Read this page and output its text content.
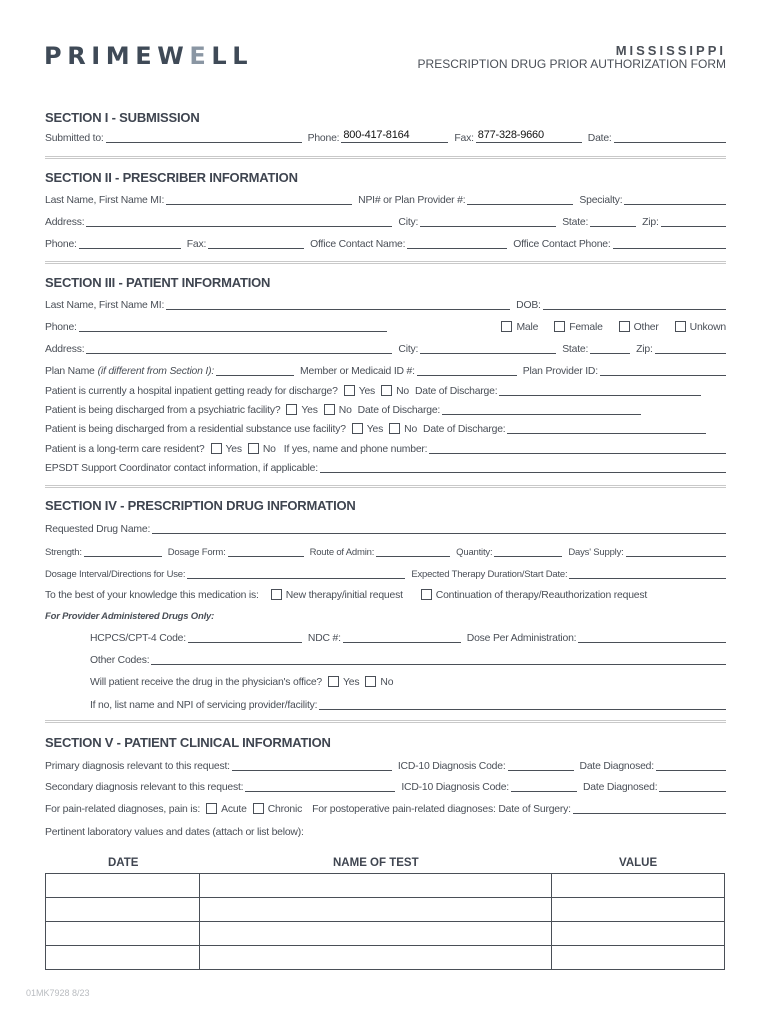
PRIMEWELL	MISSISSIPPI
PRESCRIPTION DRUG PRIOR AUTHORIZATION FORM
SECTION I - SUBMISSION
Submitted to:	Phone: 800-417-8164	Fax: 877-328-9660	Date:
SECTION II - PRESCRIBER INFORMATION
Last Name, First Name MI:	NPI# or Plan Provider #:	Specialty:
Address:	City:	State:	Zip:
Phone:	Fax:	Office Contact Name:	Office Contact Phone:
SECTION III - PATIENT INFORMATION
Last Name, First Name MI:	DOB:
Phone:	Male	Female	Other	Unkown
Address:	City:	State:	Zip:
Plan Name (if different from Section I):	Member or Medicaid ID #:	Plan Provider ID:
Patient is currently a hospital inpatient getting ready for discharge? Yes No Date of Discharge:
Patient is being discharged from a psychiatric facility? Yes No Date of Discharge:
Patient is being discharged from a residential substance use facility? Yes No Date of Discharge:
Patient is a long-term care resident? Yes No If yes, name and phone number:
EPSDT Support Coordinator contact information, if applicable:
SECTION IV - PRESCRIPTION DRUG INFORMATION
Requested Drug Name:
Strength:	Dosage Form:	Route of Admin:	Quantity:	Days' Supply:
Dosage Interval/Directions for Use:	Expected Therapy Duration/Start Date:
To the best of your knowledge this medication is:	New therapy/initial request	Continuation of therapy/Reauthorization request
For Provider Administered Drugs Only:
HCPCS/CPT-4 Code:	NDC #:	Dose Per Administration:
Other Codes:
Will patient receive the drug in the physician's office? Yes No
If no, list name and NPI of servicing provider/facility:
SECTION V - PATIENT CLINICAL INFORMATION
Primary diagnosis relevant to this request:	ICD-10 Diagnosis Code:	Date Diagnosed:
Secondary diagnosis relevant to this request:	ICD-10 Diagnosis Code:	Date Diagnosed:
For pain-related diagnoses, pain is: Acute Chronic For postoperative pain-related diagnoses: Date of Surgery:
Pertinent laboratory values and dates (attach or list below):
DATE	NAME OF TEST	VALUE

01MK7928 8/23
